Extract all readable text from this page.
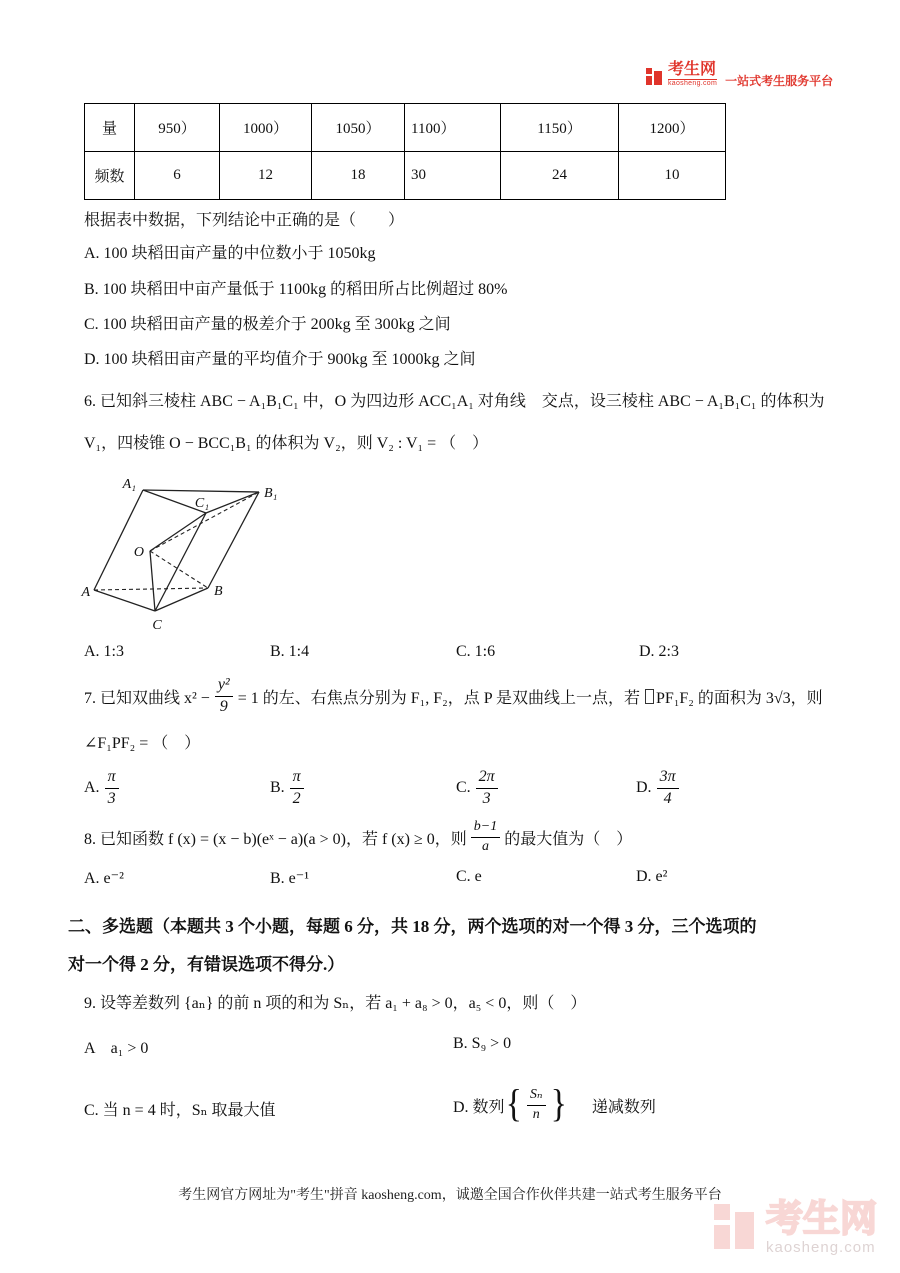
考生网
kaosheng.com 一站式考生服务平台
量	950）	1000）	1050）	1100）	1150）	1200）
频数	6	12	18	30	24	10
根据表中数据，下列结论中正确的是（　　）
A. 100 块稻田亩产量的中位数小于 1050kg
B. 100 块稻田中亩产量低于 1100kg 的稻田所占比例超过 80%
C. 100 块稻田亩产量的极差介于 200kg 至 300kg 之间
D. 100 块稻田亩产量的平均值介于 900kg 至 1000kg 之间
6. 已知斜三棱柱 ABC − A₁B₁C₁ 中，O 为四边形 ACC₁A₁ 对角线　交点，设三棱柱 ABC − A₁B₁C₁ 的体积为
V₁，四棱锥 O − BCC₁B₁ 的体积为 V₂，则 V₂ : V₁ = （　）
A₁
B₁
C₁
O
A	B
C
A. 1:3	B. 1:4	C. 1:6	D. 2:3
7. 已知双曲线 $x^2 - \frac{\text{y²}}{9} = 1$ 的左、右焦点分别为 F₁, F₂，点 P 是双曲线上一点，若 PF₁F₂ 的面积为 3√3，则
∠F₁PF₂ = （　）
A. $\frac{\pi}{3}$	B. $\frac{\pi}{2}$	C. $\frac{2\pi}{3}$	D. $\frac{3\pi}{4}$
8. 已知函数 f (x) = (x − b)(eˣ − a)(a > 0)，若 f (x) ≥ 0，则 $\frac{b-1}{a}$ 的最大值为（　）
A. e⁻²	B. e⁻¹	C. e	D. e²
二、多选题（本题共 3 个小题，每题 6 分，共 18 分，两个选项的对一个得 3 分，三个选项的
对一个得 2 分，有错误选项不得分.）
9. 设等差数列 {aₙ} 的前 n 项的和为 Sₙ，若 a₁ + a₈ > 0，a₅ < 0，则（　）
A　a₁ > 0	B. S₉ > 0
C. 当 n = 4 时，Sₙ 取最大值	D. 数列 { $\frac{\text{Sₙ}}{n}$ } 递减数列
考生网官方网址为"考生"拼音 kaosheng.com，诚邀全国合作伙伴共建一站式考生服务平台
考生网
kaosheng.com
